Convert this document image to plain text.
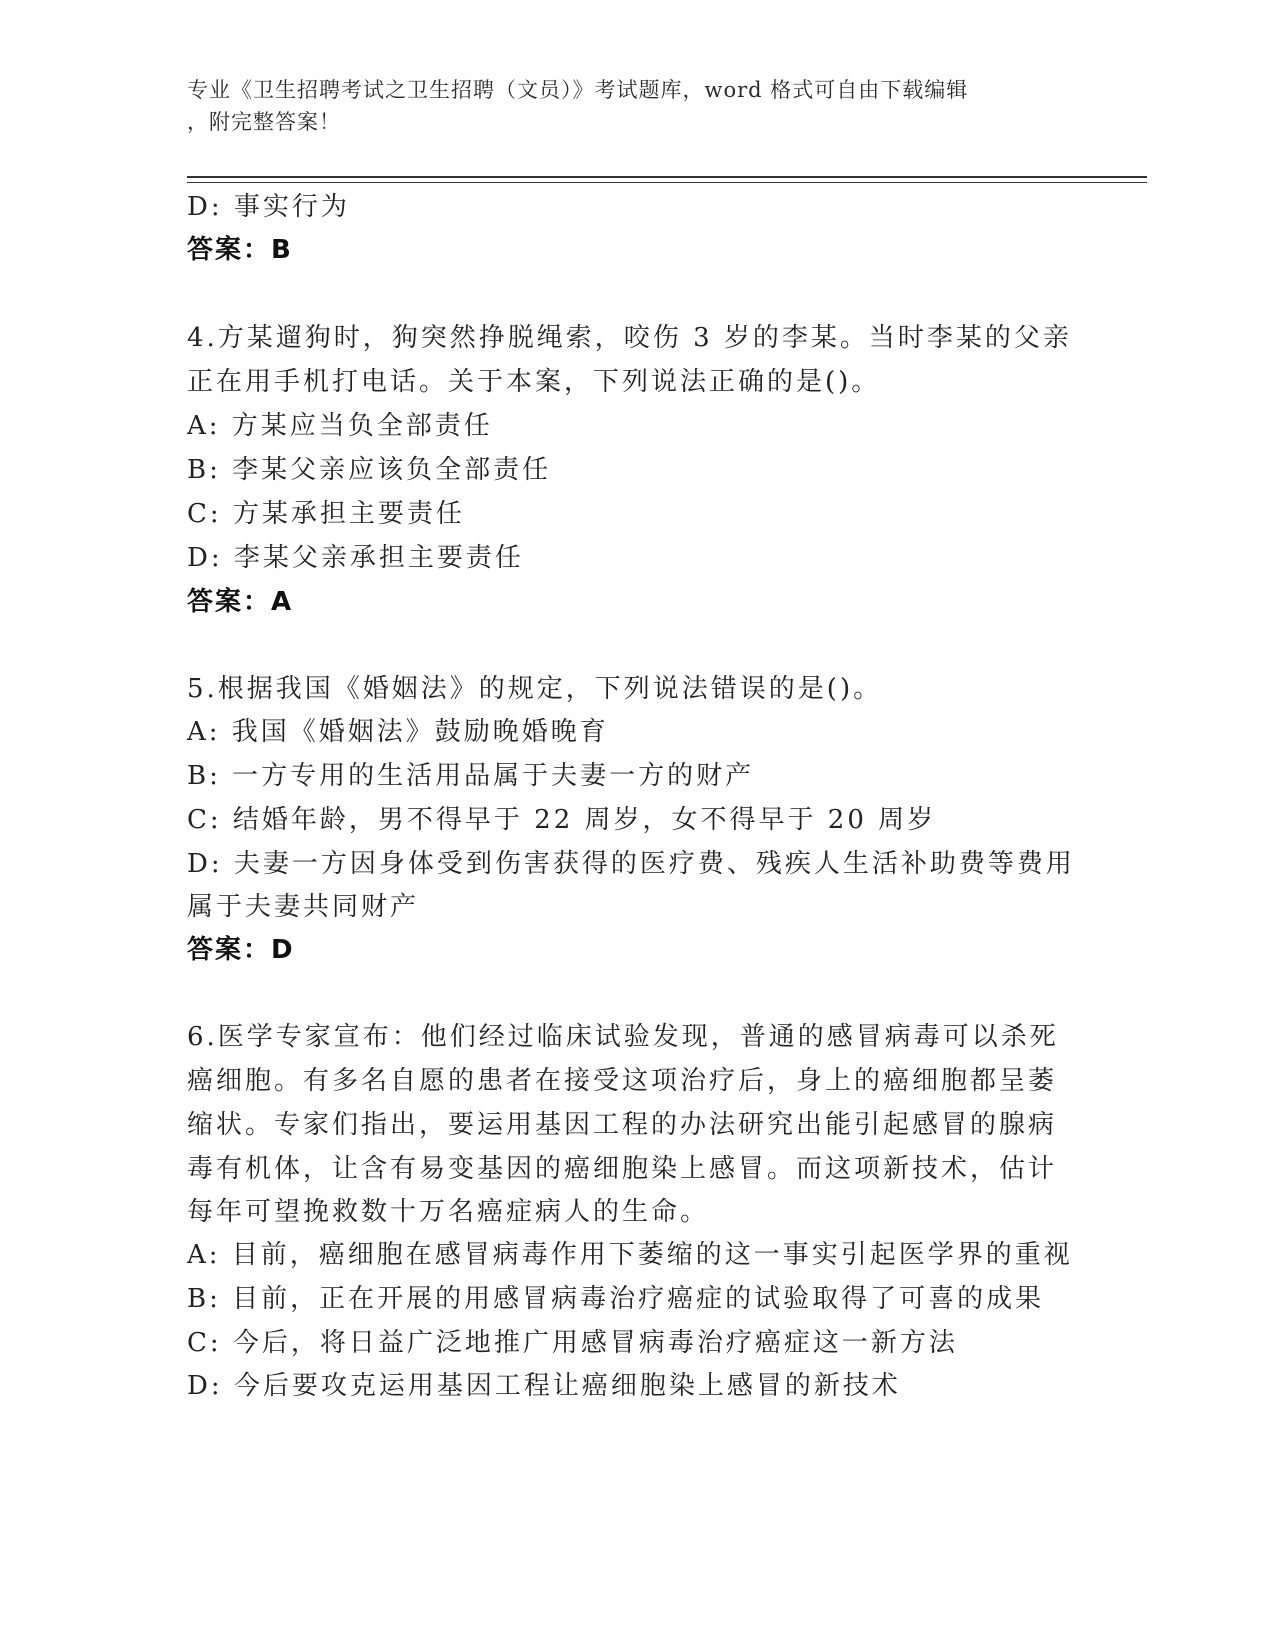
专业《卫生招聘考试之卫生招聘（文员）》考试题库，word 格式可自由下载编辑
，附完整答案！
D: 事实行为
答案：B
4.方某遛狗时，狗突然挣脱绳索，咬伤 3 岁的李某。当时李某的父亲
正在用手机打电话。关于本案，下列说法正确的是()。
A: 方某应当负全部责任
B: 李某父亲应该负全部责任
C: 方某承担主要责任
D: 李某父亲承担主要责任
答案：A
5.根据我国《婚姻法》的规定，下列说法错误的是()。
A: 我国《婚姻法》鼓励晚婚晚育
B: 一方专用的生活用品属于夫妻一方的财产
C: 结婚年龄，男不得早于 22 周岁，女不得早于 20 周岁
D: 夫妻一方因身体受到伤害获得的医疗费、残疾人生活补助费等费用
属于夫妻共同财产
答案：D
6.医学专家宣布：他们经过临床试验发现，普通的感冒病毒可以杀死
癌细胞。有多名自愿的患者在接受这项治疗后，身上的癌细胞都呈萎
缩状。专家们指出，要运用基因工程的办法研究出能引起感冒的腺病
毒有机体，让含有易变基因的癌细胞染上感冒。而这项新技术，估计
每年可望挽救数十万名癌症病人的生命。
A: 目前，癌细胞在感冒病毒作用下萎缩的这一事实引起医学界的重视
B: 目前，正在开展的用感冒病毒治疗癌症的试验取得了可喜的成果
C: 今后，将日益广泛地推广用感冒病毒治疗癌症这一新方法
D: 今后要攻克运用基因工程让癌细胞染上感冒的新技术
